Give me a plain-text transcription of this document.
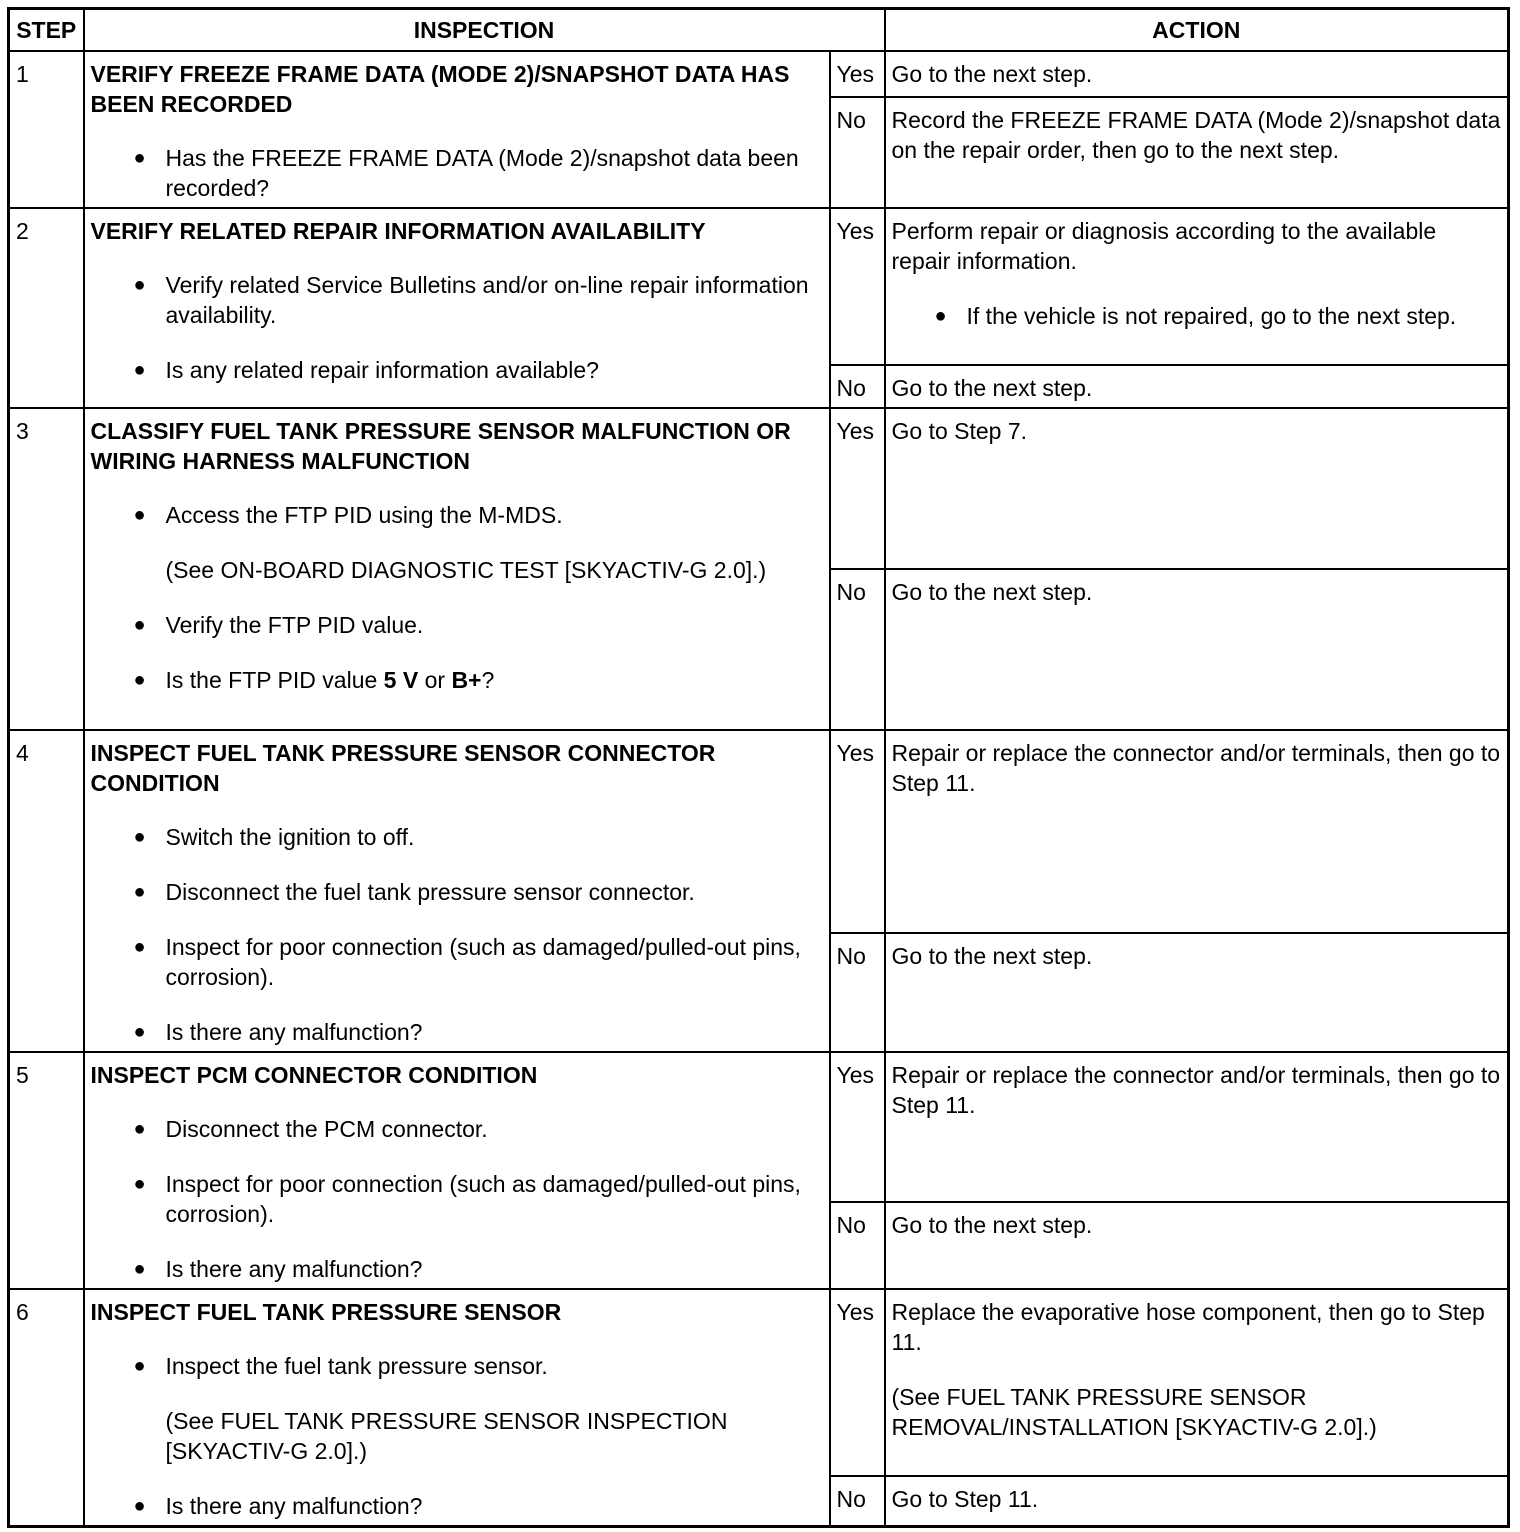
STEP	INSPECTION		ACTION
1	VERIFY FREEZE FRAME DATA (MODE 2)/SNAPSHOT DATA HAS BEEN RECORDED
● Has the FREEZE FRAME DATA (Mode 2)/snapshot data been recorded?	Yes	Go to the next step.
		No	Record the FREEZE FRAME DATA (Mode 2)/snapshot data on the repair order, then go to the next step.
2	VERIFY RELATED REPAIR INFORMATION AVAILABILITY
● Verify related Service Bulletins and/or on-line repair information availability.
● Is any related repair information available?	Yes	Perform repair or diagnosis according to the available repair information.
● If the vehicle is not repaired, go to the next step.

		No	Go to the next step.
3	CLASSIFY FUEL TANK PRESSURE SENSOR MALFUNCTION OR WIRING HARNESS MALFUNCTION
● Access the FTP PID using the M-MDS.
(See ON-BOARD DIAGNOSTIC TEST [SKYACTIV-G 2.0].)
● Verify the FTP PID value.
● Is the FTP PID value 5 V or B+?	Yes	Go to Step 7.
		No	Go to the next step.
4	INSPECT FUEL TANK PRESSURE SENSOR CONNECTOR CONDITION
● Switch the ignition to off.
● Disconnect the fuel tank pressure sensor connector.
● Inspect for poor connection (such as damaged/pulled-out pins, corrosion).
● Is there any malfunction?	Yes	Repair or replace the connector and/or terminals, then go to Step 11.
		No	Go to the next step.
5	INSPECT PCM CONNECTOR CONDITION
● Disconnect the PCM connector.
● Inspect for poor connection (such as damaged/pulled-out pins, corrosion).
● Is there any malfunction?	Yes	Repair or replace the connector and/or terminals, then go to Step 11.
		No	Go to the next step.
6	INSPECT FUEL TANK PRESSURE SENSOR
● Inspect the fuel tank pressure sensor.
(See FUEL TANK PRESSURE SENSOR INSPECTION [SKYACTIV-G 2.0].)
● Is there any malfunction?	Yes	Replace the evaporative hose component, then go to Step 11.
(See FUEL TANK PRESSURE SENSOR REMOVAL/INSTALLATION [SKYACTIV-G 2.0].)

		No	Go to Step 11.
